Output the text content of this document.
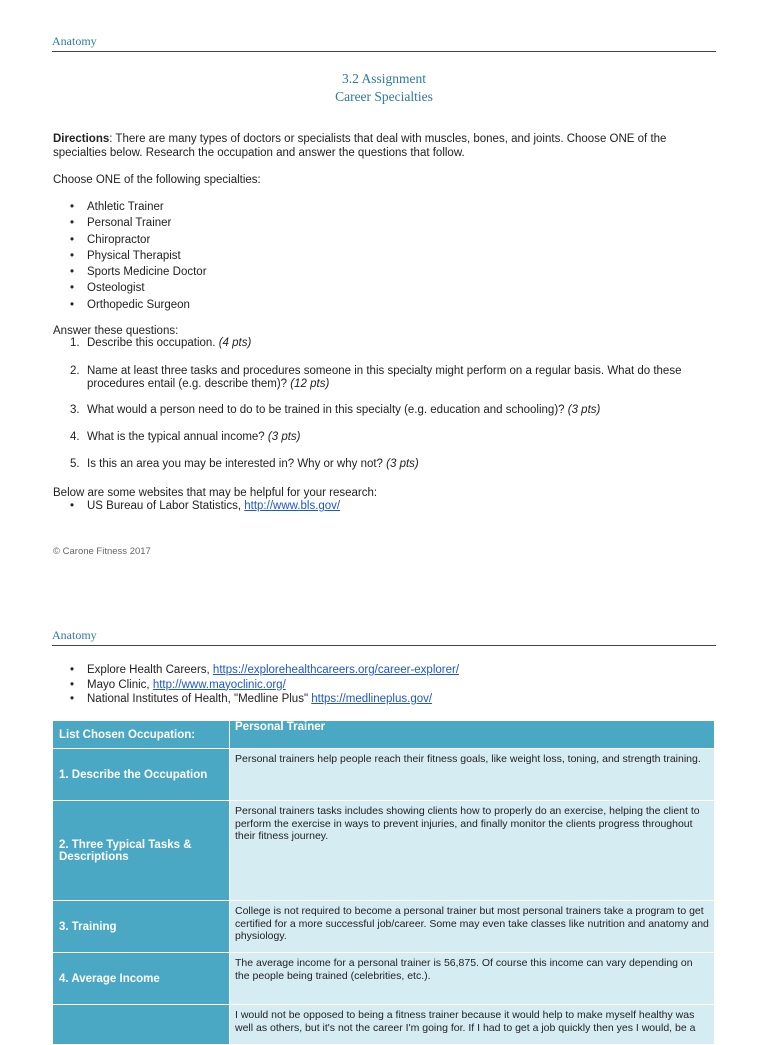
Anatomy
3.2 Assignment
Career Specialties
Directions: There are many types of doctors or specialists that deal with muscles, bones, and joints. Choose ONE of the specialties below. Research the occupation and answer the questions that follow.
Choose ONE of the following specialties:
• Athletic Trainer
• Personal Trainer
• Chiropractor
• Physical Therapist
• Sports Medicine Doctor
• Osteologist
• Orthopedic Surgeon
Answer these questions:
1. Describe this occupation. (4 pts)
2. Name at least three tasks and procedures someone in this specialty might perform on a regular basis. What do these procedures entail (e.g. describe them)? (12 pts)
3. What would a person need to do to be trained in this specialty (e.g. education and schooling)? (3 pts)
4. What is the typical annual income? (3 pts)
5. Is this an area you may be interested in? Why or why not? (3 pts)
Below are some websites that may be helpful for your research:
• US Bureau of Labor Statistics, http://www.bls.gov/
© Carone Fitness 2017
Anatomy
• Explore Health Careers, https://explorehealthcareers.org/career-explorer/
• Mayo Clinic, http://www.mayoclinic.org/
• National Institutes of Health, "Medline Plus" https://medlineplus.gov/
List Chosen Occupation:	Personal Trainer
1. Describe the Occupation	Personal trainers help people reach their fitness goals, like weight loss, toning, and strength training.
2. Three Typical Tasks & Descriptions	Personal trainers tasks includes showing clients how to properly do an exercise, helping the client to perform the exercise in ways to prevent injuries, and finally monitor the clients progress throughout their fitness journey.
3. Training	College is not required to become a personal trainer but most personal trainers take a program to get certified for a more successful job/career. Some may even take classes like nutrition and anatomy and physiology.
4. Average Income	The average income for a personal trainer is 56,875. Of course this income can vary depending on the people being trained (celebrities, etc.).
	I would not be opposed to being a fitness trainer because it would help to make myself healthy was well as others, but it's not the career I'm going for. If I had to get a job quickly then yes I would, be a
